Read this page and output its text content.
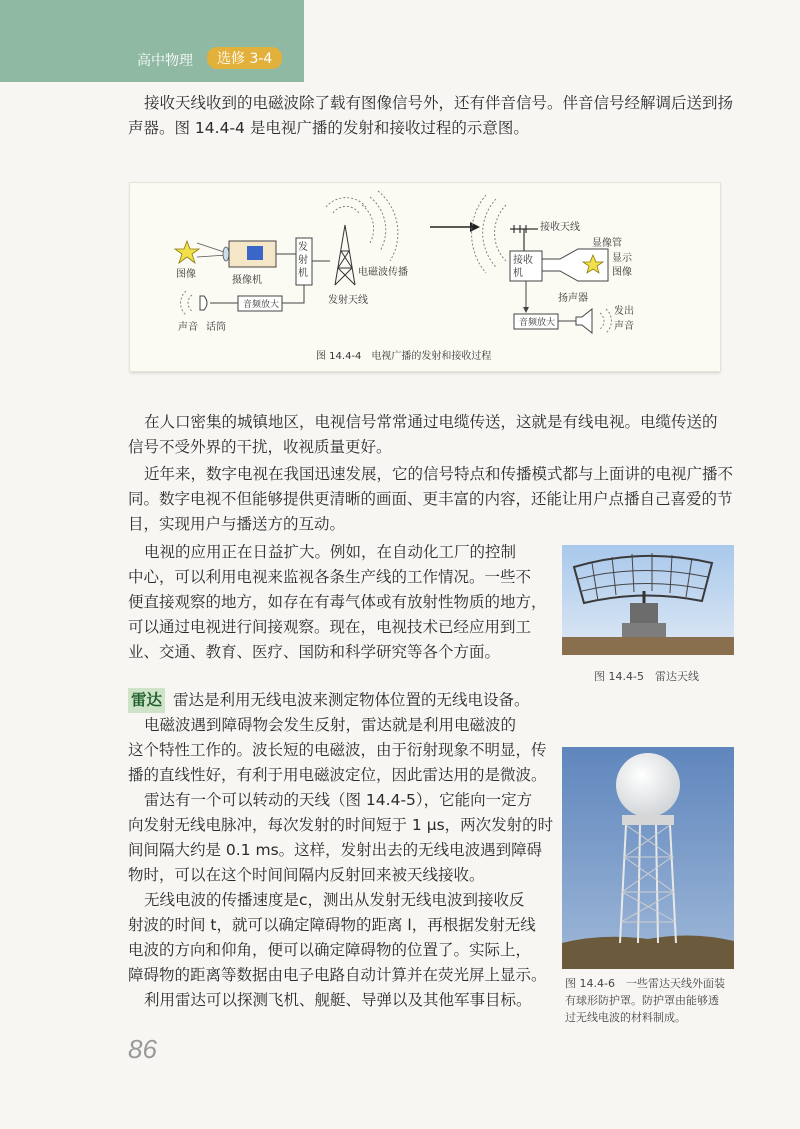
高中物理	选修 3-4
接收天线收到的电磁波除了载有图像信号外，还有伴音信号。伴音信号经解调后送到扬
声器。图 14.4-4 是电视广播的发射和接收过程的示意图。
图像
摄像机
发
射
机
发射天线
电磁波传播
音频放大
声音 话筒
接收天线
接收
机
显像管
显示
图像
音频放大
扬声器
发出
声音
图 14.4-4　电视广播的发射和接收过程
在人口密集的城镇地区，电视信号常常通过电缆传送，这就是有线电视。电缆传送的
信号不受外界的干扰，收视质量更好。
近年来，数字电视在我国迅速发展，它的信号特点和传播模式都与上面讲的电视广播不
同。数字电视不但能够提供更清晰的画面、更丰富的内容，还能让用户点播自己喜爱的节
目，实现用户与播送方的互动。
电视的应用正在日益扩大。例如，在自动化工厂的控制
中心，可以利用电视来监视各条生产线的工作情况。一些不
便直接观察的地方，如存在有毒气体或有放射性物质的地方，
可以通过电视进行间接观察。现在，电视技术已经应用到工
业、交通、教育、医疗、国防和科学研究等各个方面。
图 14.4-5　雷达天线
雷达 雷达是利用无线电波来测定物体位置的无线电设备。
电磁波遇到障碍物会发生反射，雷达就是利用电磁波的
这个特性工作的。波长短的电磁波，由于衍射现象不明显，传
播的直线性好，有利于用电磁波定位，因此雷达用的是微波。
雷达有一个可以转动的天线（图 14.4-5），它能向一定方
向发射无线电脉冲，每次发射的时间短于 1 μs，两次发射的时
间间隔大约是 0.1 ms。这样，发射出去的无线电波遇到障碍
物时，可以在这个时间间隔内反射回来被天线接收。
无线电波的传播速度是c，测出从发射无线电波到接收反
射波的时间 t，就可以确定障碍物的距离 l，再根据发射无线
电波的方向和仰角，便可以确定障碍物的位置了。实际上，
障碍物的距离等数据由电子电路自动计算并在荧光屏上显示。
利用雷达可以探测飞机、舰艇、导弹以及其他军事目标。
图 14.4-6　一些雷达天线外面装
有球形防护罩。防护罩由能够透
过无线电波的材料制成。
86
